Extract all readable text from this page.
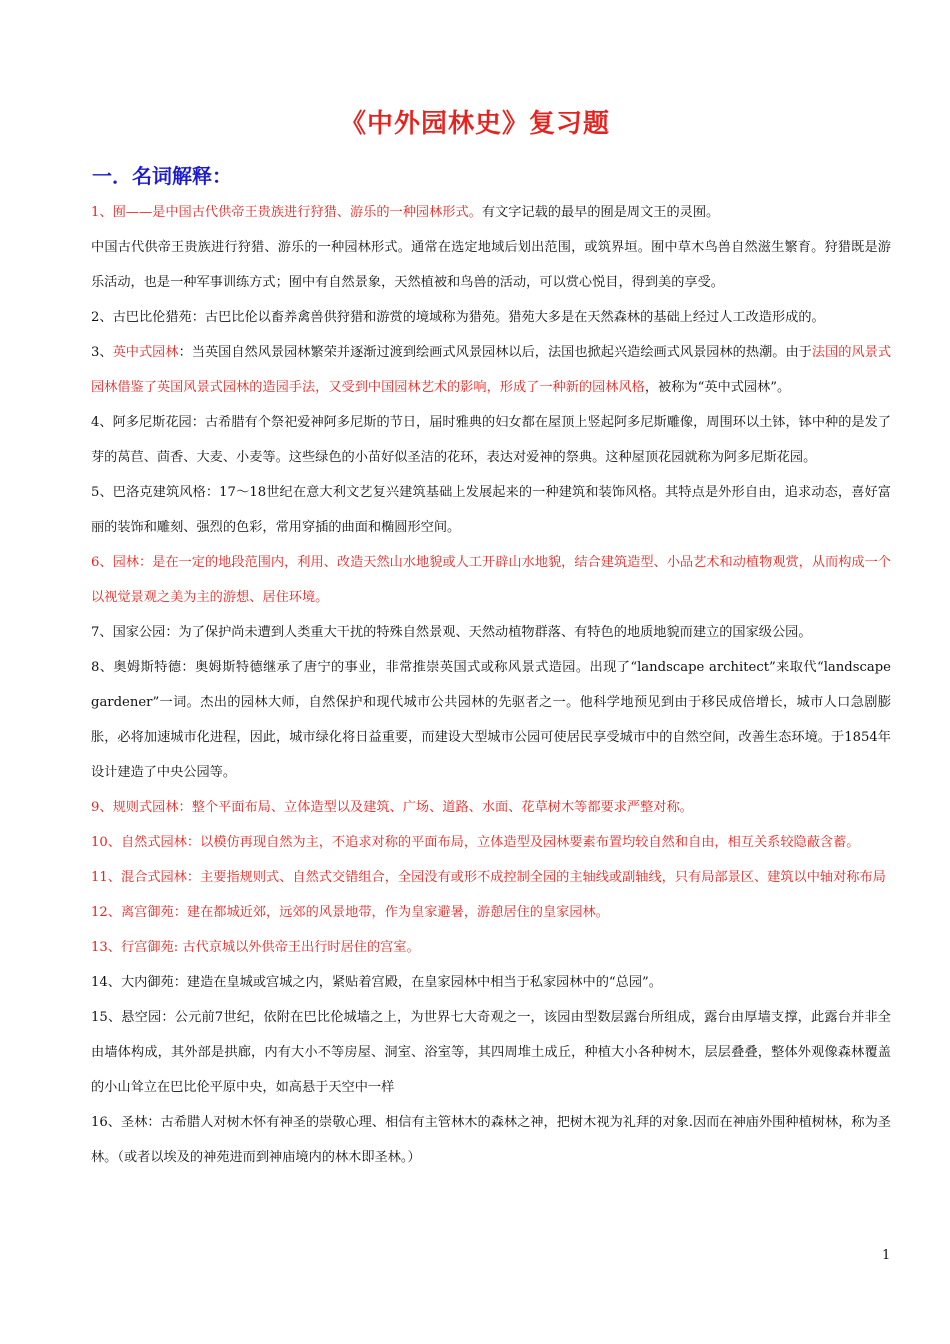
《中外园林史》复习题
一．名词解释：

1、囿——是中国古代供帝王贵族进行狩猎、游乐的一种园林形式。有文字记载的最早的囿是周文王的灵囿。

中国古代供帝王贵族进行狩猎、游乐的一种园林形式。通常在选定地域后划出范围，或筑界垣。囿中草木鸟兽自然滋生繁育。狩猎既是游乐活动，也是一种军事训练方式；囿中有自然景象，天然植被和鸟兽的活动，可以赏心悦目，得到美的享受。

2、古巴比伦猎苑：古巴比伦以畜养禽兽供狩猎和游赏的境域称为猎苑。猎苑大多是在天然森林的基础上经过人工改造形成的。

3、英中式园林：当英国自然风景园林繁荣并逐渐过渡到绘画式风景园林以后，法国也掀起兴造绘画式风景园林的热潮。由于法国的风景式园林借鉴了英国风景式园林的造园手法，又受到中国园林艺术的影响，形成了一种新的园林风格，被称为“英中式园林”。

4、阿多尼斯花园：古希腊有个祭祀爱神阿多尼斯的节日，届时雅典的妇女都在屋顶上竖起阿多尼斯雕像，周围环以土钵，钵中种的是发了芽的莴苣、茴香、大麦、小麦等。这些绿色的小苗好似圣洁的花环，表达对爱神的祭典。这种屋顶花园就称为阿多尼斯花园。

5、巴洛克建筑风格：17～18世纪在意大利文艺复兴建筑基础上发展起来的一种建筑和装饰风格。其特点是外形自由，追求动态，喜好富丽的装饰和雕刻、强烈的色彩，常用穿插的曲面和椭圆形空间。

6、园林：是在一定的地段范围内，利用、改造天然山水地貌或人工开辟山水地貌，结合建筑造型、小品艺术和动植物观赏，从而构成一个以视觉景观之美为主的游想、居住环境。

7、国家公园：为了保护尚未遭到人类重大干扰的特殊自然景观、天然动植物群落、有特色的地质地貌而建立的国家级公园。

8、奥姆斯特德：奥姆斯特德继承了唐宁的事业，非常推崇英国式或称风景式造园。出现了“landscape architect”来取代“landscape gardener”一词。杰出的园林大师，自然保护和现代城市公共园林的先驱者之一。他科学地预见到由于移民成倍增长，城市人口急剧膨胀，必将加速城市化进程，因此，城市绿化将日益重要，而建设大型城市公园可使居民享受城市中的自然空间，改善生态环境。于1854年设计建造了中央公园等。

9、规则式园林：整个平面布局、立体造型以及建筑、广场、道路、水面、花草树木等都要求严整对称。

10、自然式园林：以模仿再现自然为主，不追求对称的平面布局，立体造型及园林要素布置均较自然和自由，相互关系较隐蔽含蓄。

11、混合式园林：主要指规则式、自然式交错组合，全园没有或形不成控制全园的主轴线或副轴线，只有局部景区、建筑以中轴对称布局

12、离宫御苑：建在都城近郊，远郊的风景地带，作为皇家避暑，游憩居住的皇家园林。

13、行宫御苑: 古代京城以外供帝王出行时居住的宫室。

14、大内御苑：建造在皇城或宫城之内，紧贴着宫殿，在皇家园林中相当于私家园林中的“总园”。

15、悬空园：公元前7世纪，依附在巴比伦城墙之上，为世界七大奇观之一，该园由型数层露台所组成，露台由厚墙支撑，此露台并非全由墙体构成，其外部是拱廊，内有大小不等房屋、洞室、浴室等，其四周堆土成丘，种植大小各种树木，层层叠叠，整体外观像森林覆盖的小山耸立在巴比伦平原中央，如高悬于天空中一样

16、圣林：古希腊人对树木怀有神圣的崇敬心理、相信有主管林木的森林之神，把树木视为礼拜的对象.因而在神庙外围种植树林，称为圣林。（或者以埃及的神苑进而到神庙境内的林木即圣林。）

1
